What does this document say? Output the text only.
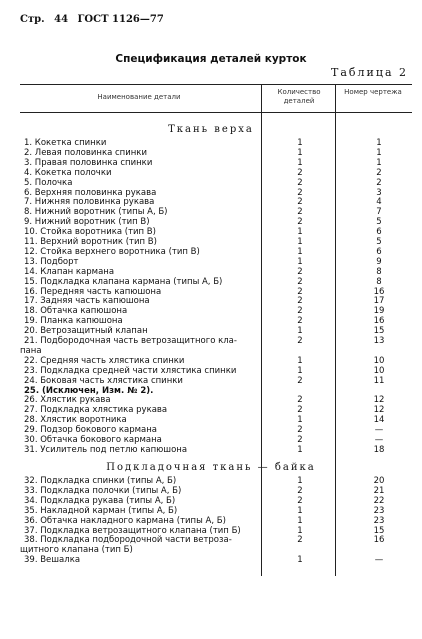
Стр. 44 ГОСТ 1126—77
Спецификация деталей курток
Таблица 2
Наименование детали
Количество деталей
Номер чертежа
Ткань верха
Подкладочная ткань — байка
1. Кокетка спинки	1	1
2. Левая половинка спинки	1	1
3. Правая половинка спинки	1	1
4. Кокетка полочки	2	2
5. Полочка	2	2
6. Верхняя половинка рукава	2	3
7. Нижняя половинка рукава	2	4
8. Нижний воротник (типы А, Б)	2	7
9. Нижний воротник (тип В)	2	5
10. Стойка воротника (тип В)	1	6
11. Верхний воротник (тип В)	1	5
12. Стойка верхнего воротника (тип В)	1	6
13. Подборт	1	9
14. Клапан кармана	2	8
15. Подкладка клапана кармана (типы А, Б)	2	8
16. Передняя часть капюшона	2	16
17. Задняя часть капюшона	2	17
18. Обтачка капюшона	2	19
19. Планка капюшона	2	16
20. Ветрозащитный клапан	1	15
21. Подбородочная часть ветрозащитного кла-	2	13
пана
22. Средняя часть хлястика спинки	1	10
23. Подкладка средней части хлястика спинки	1	10
24. Боковая часть хлястика спинки	2	11
25. (Исключен, Изм. № 2).
26. Хлястик рукава	2	12
27. Подкладка хлястика рукава	2	12
28. Хлястик воротника	1	14
29. Подзор бокового кармана	2	—
30. Обтачка бокового кармана	2	—
31. Усилитель под петлю капюшона	1	18
32. Подкладка спинки (типы А, Б)	1	20
33. Подкладка полочки (типы А, Б)	2	21
34. Подкладка рукава (типы А, Б)	2	22
35. Накладной карман (типы А, Б)	1	23
36. Обтачка накладного кармана (типы А, Б)	1	23
37. Подкладка ветрозащитного клапана (тип Б)	1	15
38. Подкладка подбородочной части ветроза-	2	16
щитного клапана (тип Б)
39. Вешалка	1	—
